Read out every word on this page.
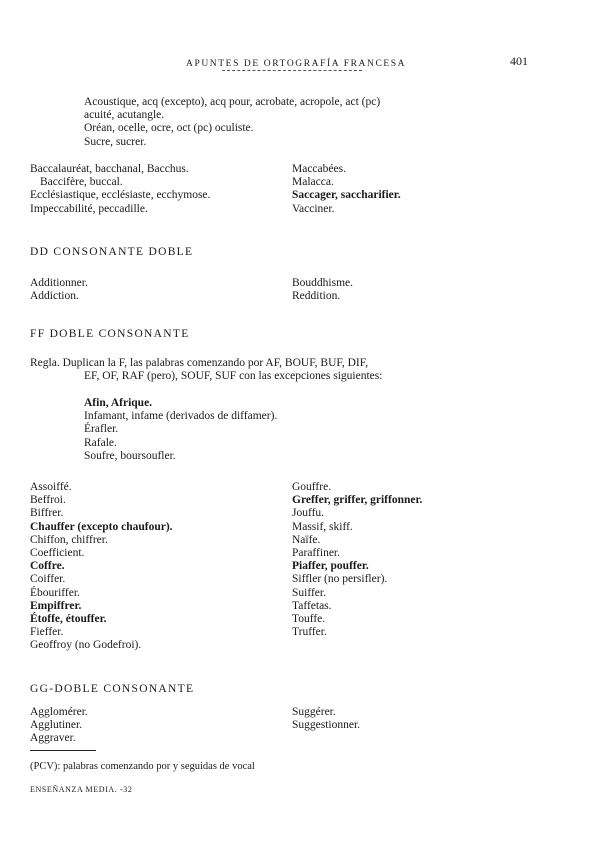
APUNTES DE ORTOGRAFÍA FRANCESA	401
Acoustique, acq (excepto), acq pour, acrobate, acropole, act (pc)
acuité, acutangle.
Oréan, ocelle, ocre, oct (pc) oculiste.
Sucre, sucrer.
Baccalauréat, bacchanal, Bacchus.
Baccifère, buccal.
Ecclésiastique, ecclésiaste, ecchymose.
Impeccabilité, peccadille.
Maccabées.
Malacca.
Saccager, saccharifier.
Vacciner.
DD CONSONANTE DOBLE
Additionner.
Addiction.
Bouddhisme.
Reddition.
FF DOBLE CONSONANTE
Regla. Duplican la F, las palabras comenzando por AF, BOUF, BUF, DIF,
EF, OF, RAF (pero), SOUF, SUF con las excepciones siguientes:
Afin, Afrique.
Infamant, infame (derivados de diffamer).
Érafler.
Rafale.
Soufre, boursoufler.
Assoiffé.
Beffroi.
Biffrer.
Chauffer (excepto chaufour).
Chiffon, chiffrer.
Coefficient.
Coffre.
Coiffer.
Ébouriffer.
Empiffrer.
Étoffe, étouffer.
Fieffer.
Geoffroy (no Godefroi).
Gouffre.
Greffer, griffer, griffonner.
Jouffu.
Massif, skiff.
Naïfe.
Paraffiner.
Piaffer, pouffer.
Siffler (no persifler).
Suiffer.
Taffetas.
Touffe.
Truffer.
GG-DOBLE CONSONANTE
Agglomérer.
Agglutiner.
Aggraver.
Suggérer.
Suggestionner.
(PCV): palabras comenzando por y seguidas de vocal
ENSEÑANZA MEDIA. -32
